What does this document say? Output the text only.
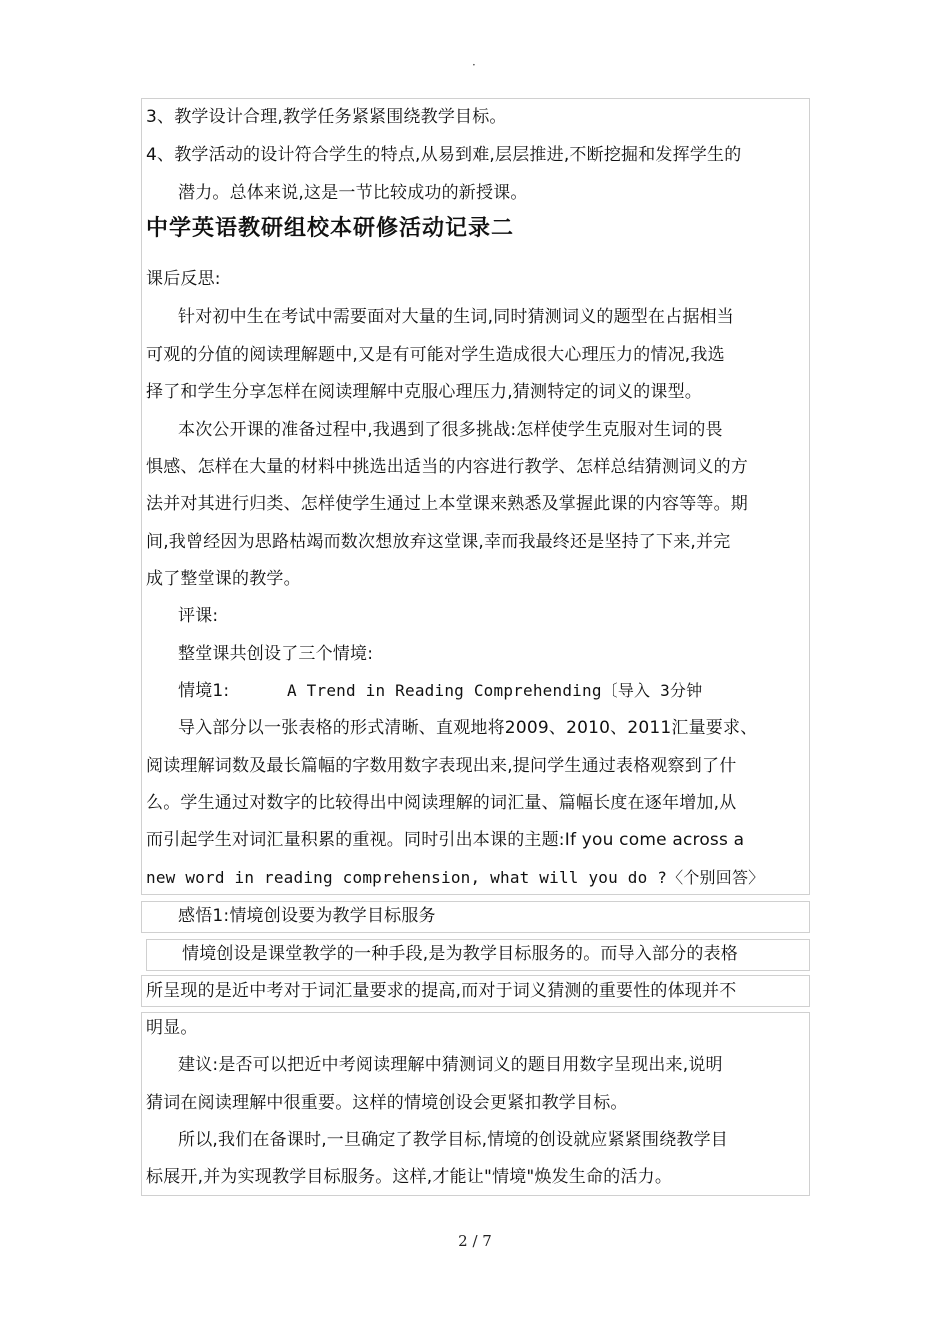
·
3、教学设计合理,教学任务紧紧围绕教学目标。
4、教学活动的设计符合学生的特点,从易到难,层层推进,不断挖掘和发挥学生的
潜力。总体来说,这是一节比较成功的新授课。
中学英语教研组校本研修活动记录二
课后反思:
针对初中生在考试中需要面对大量的生词,同时猜测词义的题型在占据相当
可观的分值的阅读理解题中,又是有可能对学生造成很大心理压力的情况,我选
择了和学生分享怎样在阅读理解中克服心理压力,猜测特定的词义的课型。
本次公开课的准备过程中,我遇到了很多挑战:怎样使学生克服对生词的畏
惧感、怎样在大量的材料中挑选出适当的内容进行教学、怎样总结猜测词义的方
法并对其进行归类、怎样使学生通过上本堂课来熟悉及掌握此课的内容等等。期
间,我曾经因为思路枯竭而数次想放弃这堂课,幸而我最终还是坚持了下来,并完
成了整堂课的教学。
评课:
整堂课共创设了三个情境:
情境1:	A Trend in Reading Comprehending〔导入 3分钟
导入部分以一张表格的形式清晰、直观地将2009、2010、2011汇量要求、
阅读理解词数及最长篇幅的字数用数字表现出来,提问学生通过表格观察到了什
么。学生通过对数字的比较得出中阅读理解的词汇量、篇幅长度在逐年增加,从
而引起学生对词汇量积累的重视。同时引出本课的主题:If you come across a
new word in reading comprehension, what will you do ?〈个别回答〉
感悟1:情境创设要为教学目标服务
情境创设是课堂教学的一种手段,是为教学目标服务的。而导入部分的表格
所呈现的是近中考对于词汇量要求的提高,而对于词义猜测的重要性的体现并不
明显。
建议:是否可以把近中考阅读理解中猜测词义的题目用数字呈现出来,说明
猜词在阅读理解中很重要。这样的情境创设会更紧扣教学目标。
所以,我们在备课时,一旦确定了教学目标,情境的创设就应紧紧围绕教学目
标展开,并为实现教学目标服务。这样,才能让"情境"焕发生命的活力。
2 / 7
